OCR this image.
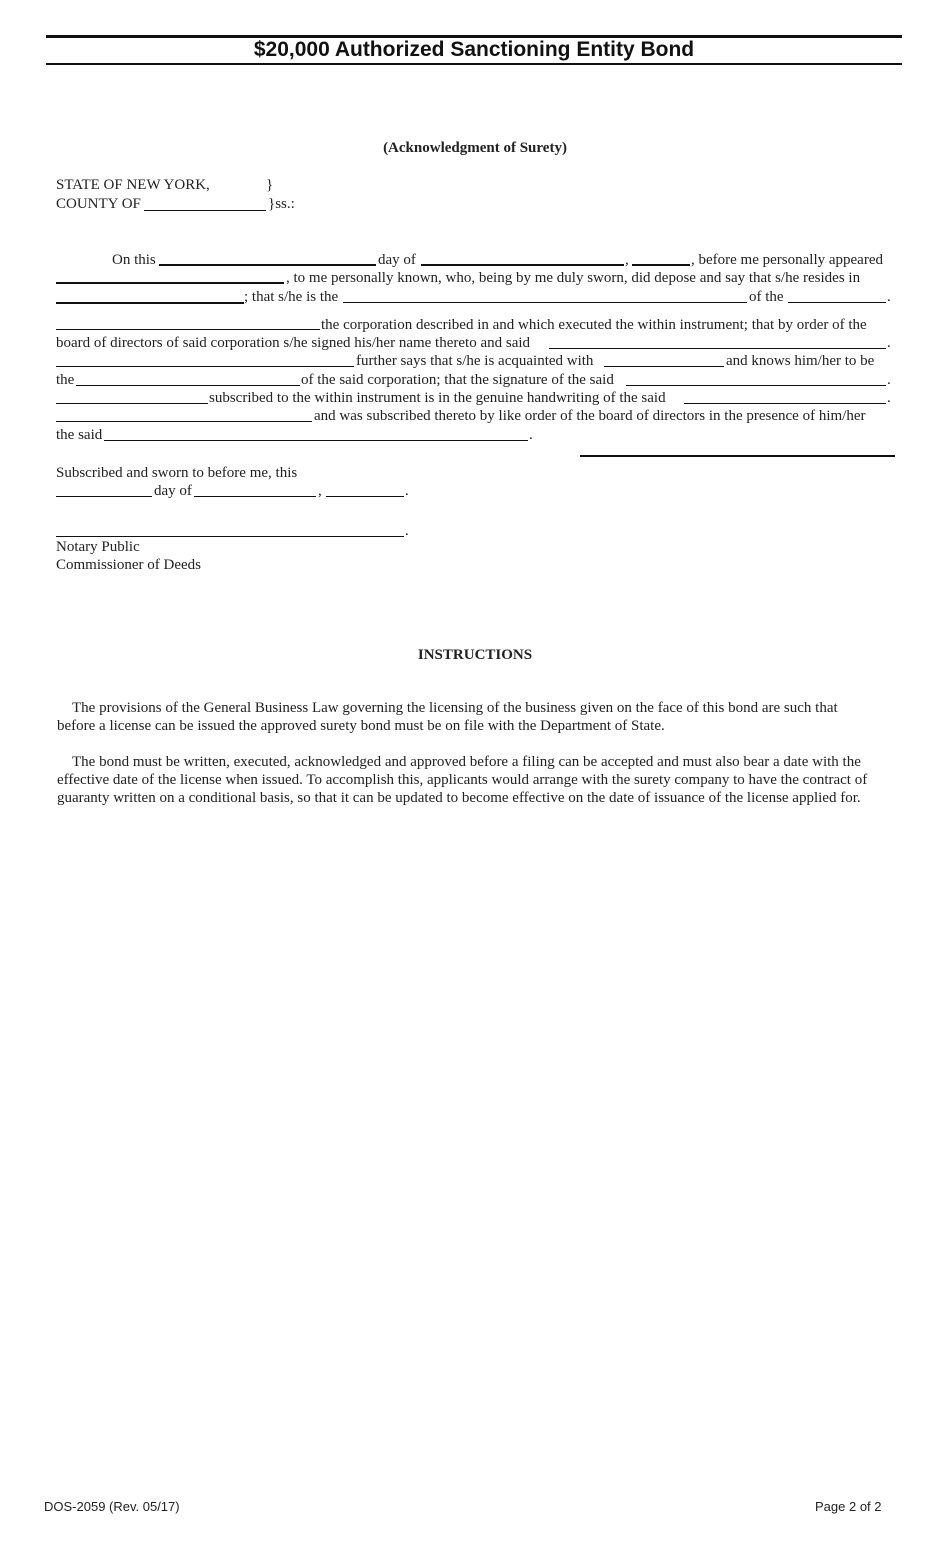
$20,000 Authorized Sanctioning Entity Bond
(Acknowledgment of Surety)
STATE OF NEW YORK,	}
COUNTY OF	}ss.:
On this	day of	,	, before me personally appeared
, to me personally known, who, being by me duly sworn, did depose and say that s/he resides in
; that s/he is the	of the	.
the corporation described in and which executed the within instrument; that by order of the
board of directors of said corporation s/he signed his/her name thereto and said	.
further says that s/he is acquainted with	and knows him/her to be
the	of the said corporation; that the signature of the said	.
subscribed to the within instrument is in the genuine handwriting of the said	.
and was subscribed thereto by like order of the board of directors in the presence of him/her
the said	.
Subscribed and sworn to before me, this
day of	,	.
.
Notary Public
Commissioner of Deeds
INSTRUCTIONS
The provisions of the General Business Law governing the licensing of the business given on the face of this bond are such that before a license can be issued the approved surety bond must be on file with the Department of State.
The bond must be written, executed, acknowledged and approved before a filing can be accepted and must also bear a date with the effective date of the license when issued. To accomplish this, applicants would arrange with the surety company to have the contract of guaranty written on a conditional basis, so that it can be updated to become effective on the date of issuance of the license applied for.
DOS-2059 (Rev. 05/17)	Page 2 of 2
